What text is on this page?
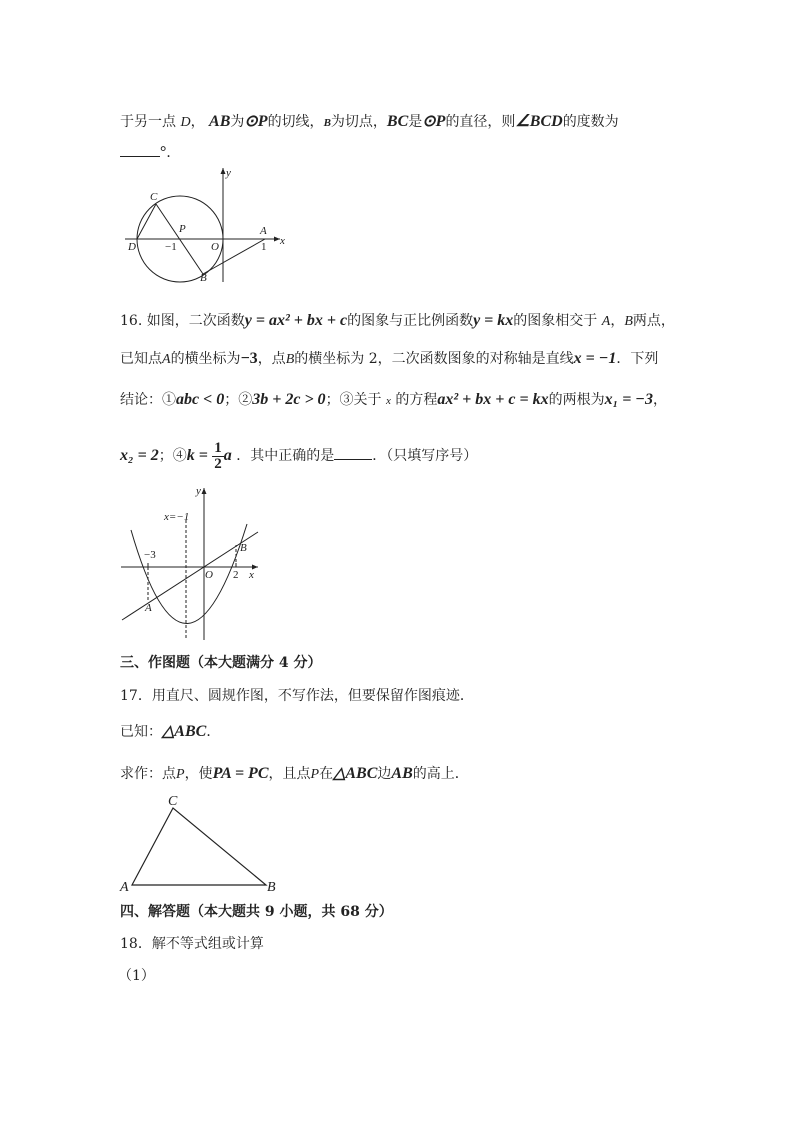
于另一点 D， AB为⊙P的切线，B为切点，BC是⊙P的直径，则∠BCD的度数为
°．
C
P
y
A
D	−1	O	1 x
B
16. 如图，二次函数y = ax² + bx + c的图象与正比例函数y = kx的图象相交于 A，B两点，
已知点A的横坐标为−3，点B的横坐标为 2，二次函数图象的对称轴是直线x = −1．下列
结论：①abc < 0；②3b + 2c > 0；③关于 x 的方程ax² + bx + c = kx的两根为x₁ = −3，
x₂ = 2；④k = $\frac{1}{2}$ a ．其中正确的是	．（只填写序号）
y
x=−1
−3
B
O 2 x
A
三、作图题（本大题满分 4 分）
17．用直尺、圆规作图，不写作法，但要保留作图痕迹．
已知：△ABC．
求作：点P，使PA = PC，且点P在△ABC边AB的高上．
C
A	B
四、解答题（本大题共 9 小题，共 68 分）
18．解不等式组或计算
（1）
